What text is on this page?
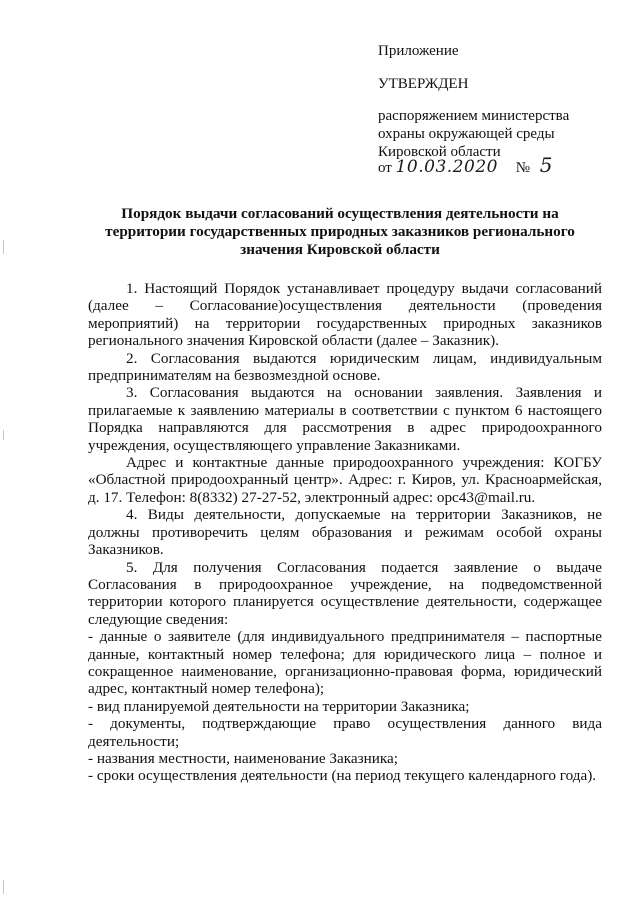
Приложение
УТВЕРЖДЕН
распоряжением министерства
охраны окружающей среды
Кировской области
от 10.03.2020 № 5
Порядок выдачи согласований осуществления деятельности на
территории государственных природных заказников регионального
значения Кировской области

1. Настоящий Порядок устанавливает процедуру выдачи согласований (далее – Согласование)осуществления деятельности (проведения мероприятий) на территории государственных природных заказников регионального значения Кировской области (далее – Заказник).

2. Согласования выдаются юридическим лицам, индивидуальным предпринимателям на безвозмездной основе.

3. Согласования выдаются на основании заявления. Заявления и прилагаемые к заявлению материалы в соответствии с пунктом 6 настоящего Порядка направляются для рассмотрения в адрес природоохранного учреждения, осуществляющего управление Заказниками.

Адрес и контактные данные природоохранного учреждения: КОГБУ «Областной природоохранный центр». Адрес: г. Киров, ул. Красноармейская, д. 17. Телефон: 8(8332) 27-27-52, электронный адрес: opc43@mail.ru.

4. Виды деятельности, допускаемые на территории Заказников, не должны противоречить целям образования и режимам особой охраны Заказников.

5. Для получения Согласования подается заявление о выдаче Согласования в природоохранное учреждение, на подведомственной территории которого планируется осуществление деятельности, содержащее следующие сведения:

- данные о заявителе (для индивидуального предпринимателя – паспортные данные, контактный номер телефона; для юридического лица – полное и сокращенное наименование, организационно-правовая форма, юридический адрес, контактный номер телефона);

- вид планируемой деятельности на территории Заказника;

- документы, подтверждающие право осуществления данного вида деятельности;

- названия местности, наименование Заказника;

- сроки осуществления деятельности (на период текущего календарного года).
